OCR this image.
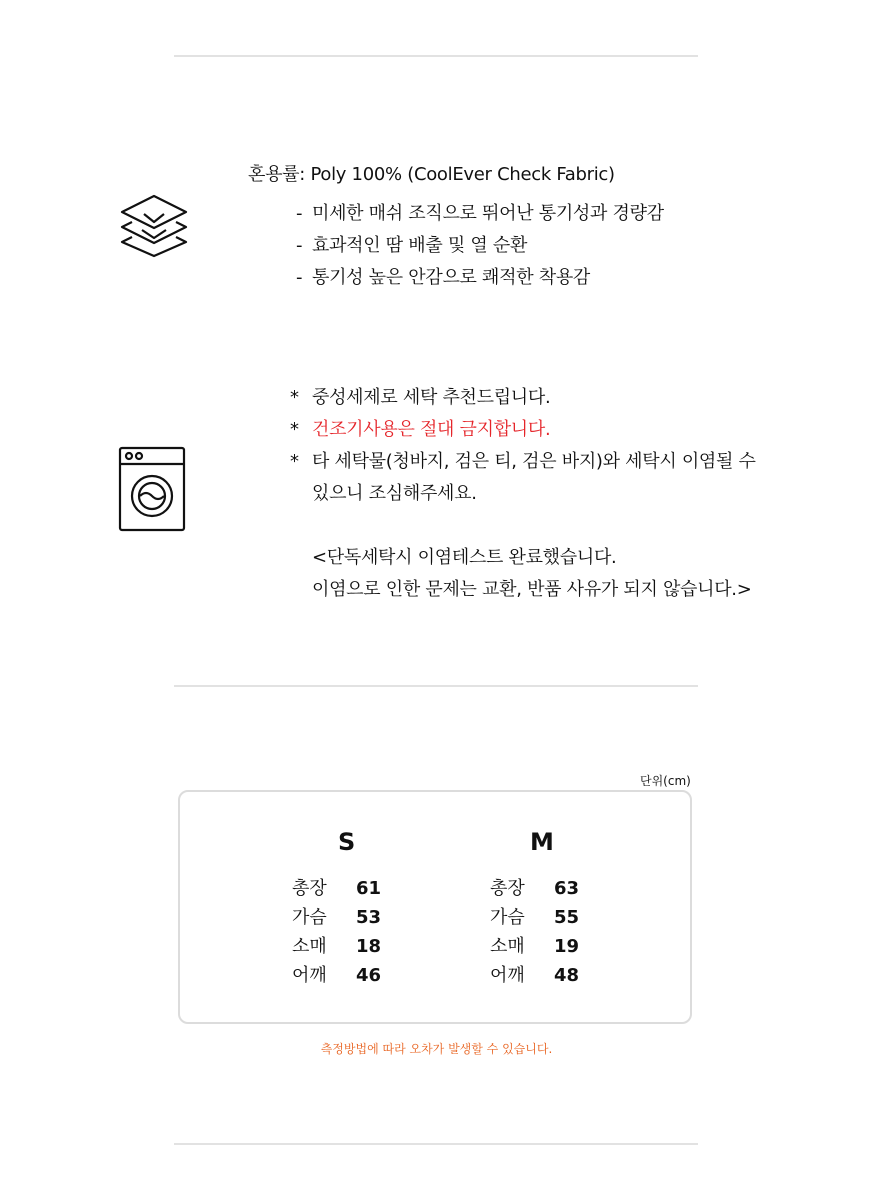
혼용률: Poly 100% (CoolEver Check Fabric)
- 미세한 매쉬 조직으로 뛰어난 통기성과 경량감
- 효과적인 땀 배출 및 열 순환
- 통기성 높은 안감으로 쾌적한 착용감
* 중성세제로 세탁 추천드립니다.
* 건조기사용은 절대 금지합니다.
* 타 세탁물(청바지, 검은 티, 검은 바지)와 세탁시 이염될 수
있으니 조심해주세요.
<단독세탁시 이염테스트 완료했습니다.
이염으로 인한 문제는 교환, 반품 사유가 되지 않습니다.>
단위(cm)
S
총장 61
가슴 53
소매 18
어깨 46
M
총장 63
가슴 55
소매 19
어깨 48
측정방법에 따라 오차가 발생할 수 있습니다.
